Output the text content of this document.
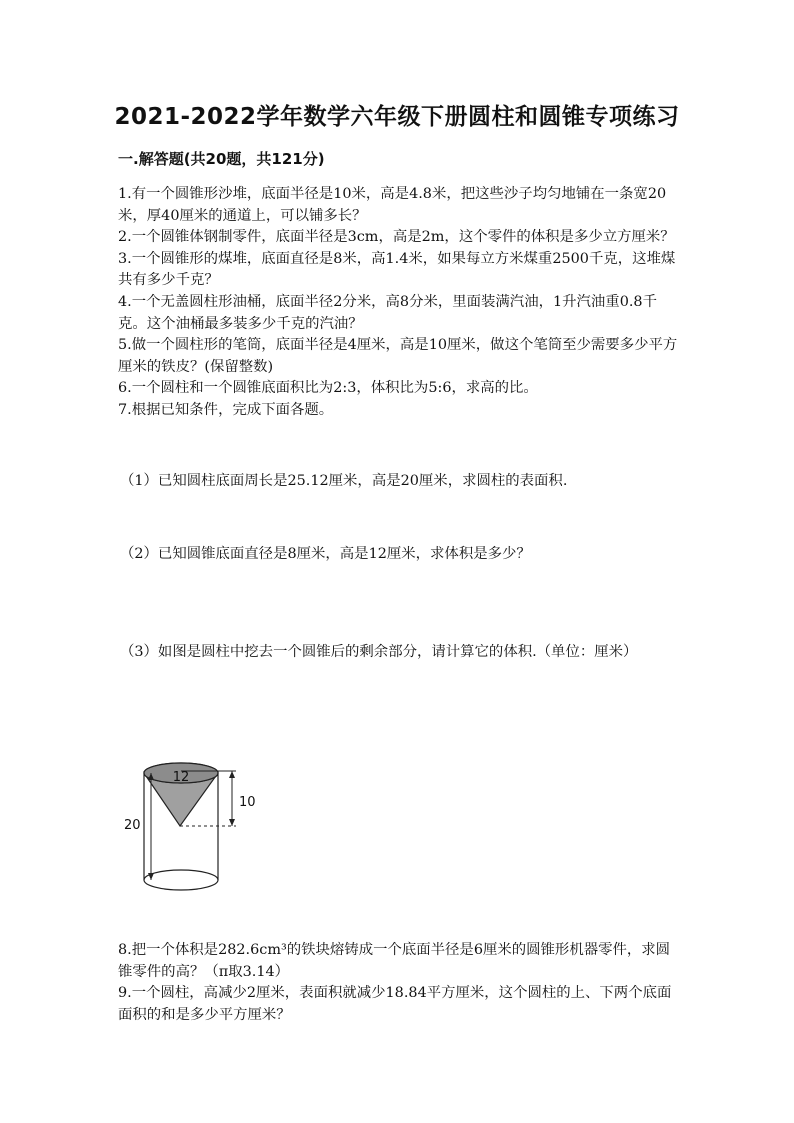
2021-2022学年数学六年级下册圆柱和圆锥专项练习
一.解答题(共20题，共121分)

1.有一个圆锥形沙堆，底面半径是10米，高是4.8米，把这些沙子均匀地铺在一条宽20米，厚40厘米的通道上，可以铺多长？

2.一个圆锥体钢制零件，底面半径是3cm，高是2m，这个零件的体积是多少立方厘米？

3.一个圆锥形的煤堆，底面直径是8米，高1.4米，如果每立方米煤重2500千克，这堆煤共有多少千克？

4.一个无盖圆柱形油桶，底面半径2分米，高8分米，里面装满汽油，1升汽油重0.8千克。这个油桶最多装多少千克的汽油？

5.做一个圆柱形的笔筒，底面半径是4厘米，高是10厘米，做这个笔筒至少需要多少平方厘米的铁皮？(保留整数)

6.一个圆柱和一个圆锥底面积比为2:3，体积比为5:6，求高的比。

7.根据已知条件，完成下面各题。

（1）已知圆柱底面周长是25.12厘米，高是20厘米，求圆柱的表面积.
（2）已知圆锥底面直径是8厘米，高是12厘米，求体积是多少？
（3）如图是圆柱中挖去一个圆锥后的剩余部分，请计算它的体积.（单位：厘米）
12
10
20

8.把一个体积是282.6cm³的铁块熔铸成一个底面半径是6厘米的圆锥形机器零件，求圆锥零件的高？（π取3.14）

9.一个圆柱，高减少2厘米，表面积就减少18.84平方厘米，这个圆柱的上、下两个底面面积的和是多少平方厘米？
